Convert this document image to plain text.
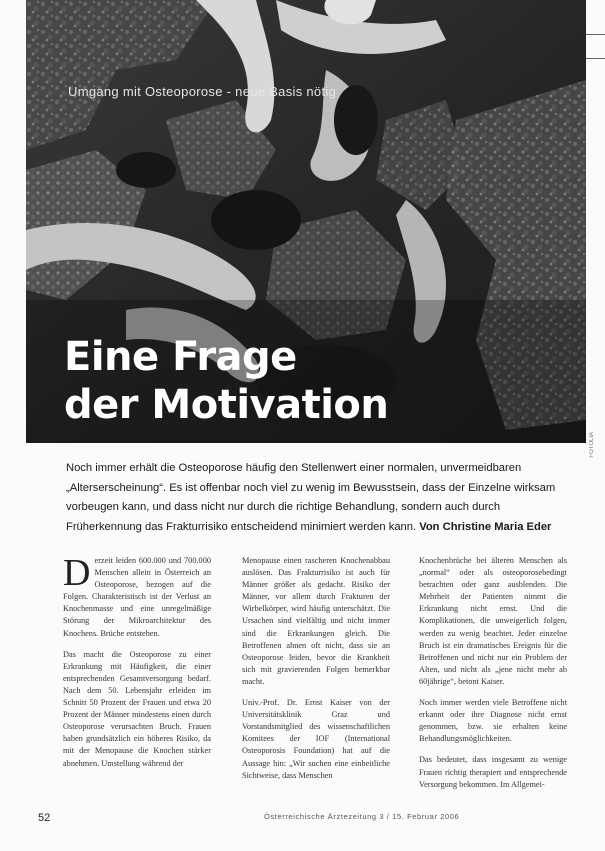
Umgang mit Osteoporose - neue Basis nötig
Eine Frage
der Motivation
FOTOLIA
Noch immer erhält die Osteoporose häufig den Stellenwert einer normalen, unvermeidbaren „Alterserscheinung“. Es ist offenbar noch viel zu wenig im Bewusstsein, dass der Einzelne wirksam vorbeugen kann, und dass nicht nur durch die richtige Behandlung, sondern auch durch Früherkennung das Frakturrisiko entscheidend minimiert werden kann. Von Christine Maria Eder

Derzeit leiden 600.000 und 700.000 Menschen allein in Österreich an Osteoporose, bezogen auf die Folgen. Charakteristisch ist der Verlust an Knochenmasse und eine unregelmäßige Störung der Mikroarchitektur des Knochens. Brüche entstehen.

Das macht die Osteoporose zu einer Erkrankung mit Häufigkeit, die einer entsprechenden Gesamtversorgung bedarf. Nach dem 50. Lebensjahr erleiden im Schnitt 50 Prozent der Frauen und etwa 20 Prozent der Männer mindestens einen durch Osteoporose verursachten Bruch. Frauen haben grundsätzlich ein höheres Risiko, da mit der Menopause die Knochen stärker abnehmen. Umstellung während der

Menopause einen rascheren Knochenabbau auslösen. Das Frakturrisiko ist auch für Männer größer als gedacht. Risiko der Männer, vor allem durch Frakturen der Wirbelkörper, wird häufig unterschätzt. Die Ursachen sind vielfältig und nicht immer sind die Erkrankungen gleich. Die Betroffenen ahnen oft nicht, dass sie an Osteoporose leiden, bevor die Krankheit sich mit gravierenden Folgen bemerkbar macht.

Univ.-Prof. Dr. Ernst Kaiser von der Universitätsklinik Graz und Vorstandsmitglied des wissenschaftlichen Komitees der IOF (International Osteoporosis Foundation) hat auf die Aussage hin: „Wir suchen eine einheitliche Sichtweise, dass Menschen

Knochenbrüche bei älteren Menschen als „normal“ oder als osteoporosebedingt betrachten oder ganz ausblenden. Die Mehrheit der Patienten nimmt die Erkrankung nicht ernst. Und die Komplikationen, die unweigerlich folgen, werden zu wenig beachtet. Jeder einzelne Bruch ist ein dramatisches Ereignis für die Betroffenen und nicht nur ein Problem der Alten, und nicht als „jene nicht mehr ab 60jährige“, betont Kaiser.

Noch immer werden viele Betroffene nicht erkannt oder ihre Diagnose nicht ernst genommen, bzw. sie erhalten keine Behandlungsmöglichkeiten.

Das bedeutet, dass insgesamt zu wenige Frauen richtig therapiert und entsprechende Versorgung bekommen. Im Allgemei-

52	Österreichische Ärztezeitung 3 / 15. Februar 2006
